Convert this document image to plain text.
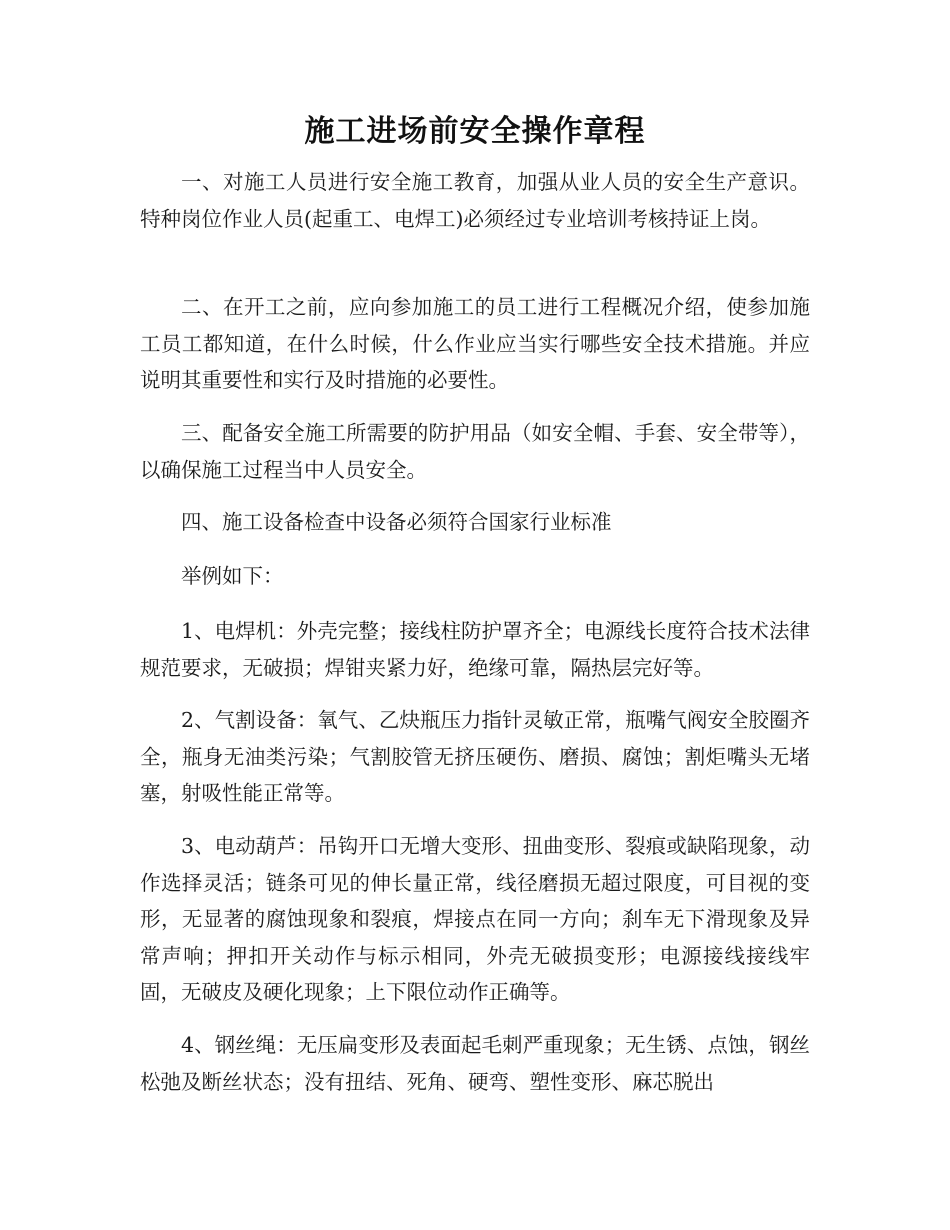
施工进场前安全操作章程

一、对施工人员进行安全施工教育，加强从业人员的安全生产意识。特种岗位作业人员(起重工、电焊工)必须经过专业培训考核持证上岗。

二、在开工之前，应向参加施工的员工进行工程概况介绍，使参加施工员工都知道，在什么时候，什么作业应当实行哪些安全技术措施。并应说明其重要性和实行及时措施的必要性。

三、配备安全施工所需要的防护用品（如安全帽、手套、安全带等），以确保施工过程当中人员安全。

四、施工设备检查中设备必须符合国家行业标准

举例如下：

1、电焊机：外壳完整；接线柱防护罩齐全；电源线长度符合技术法律规范要求，无破损；焊钳夹紧力好，绝缘可靠，隔热层完好等。

2、气割设备：氧气、乙炔瓶压力指针灵敏正常，瓶嘴气阀安全胶圈齐全，瓶身无油类污染；气割胶管无挤压硬伤、磨损、腐蚀；割炬嘴头无堵塞，射吸性能正常等。

3、电动葫芦：吊钩开口无增大变形、扭曲变形、裂痕或缺陷现象，动作选择灵活；链条可见的伸长量正常，线径磨损无超过限度，可目视的变形，无显著的腐蚀现象和裂痕，焊接点在同一方向；刹车无下滑现象及异常声响；押扣开关动作与标示相同，外壳无破损变形；电源接线接线牢固，无破皮及硬化现象；上下限位动作正确等。

4、钢丝绳：无压扁变形及表面起毛刺严重现象；无生锈、点蚀，钢丝松弛及断丝状态；没有扭结、死角、硬弯、塑性变形、麻芯脱出
